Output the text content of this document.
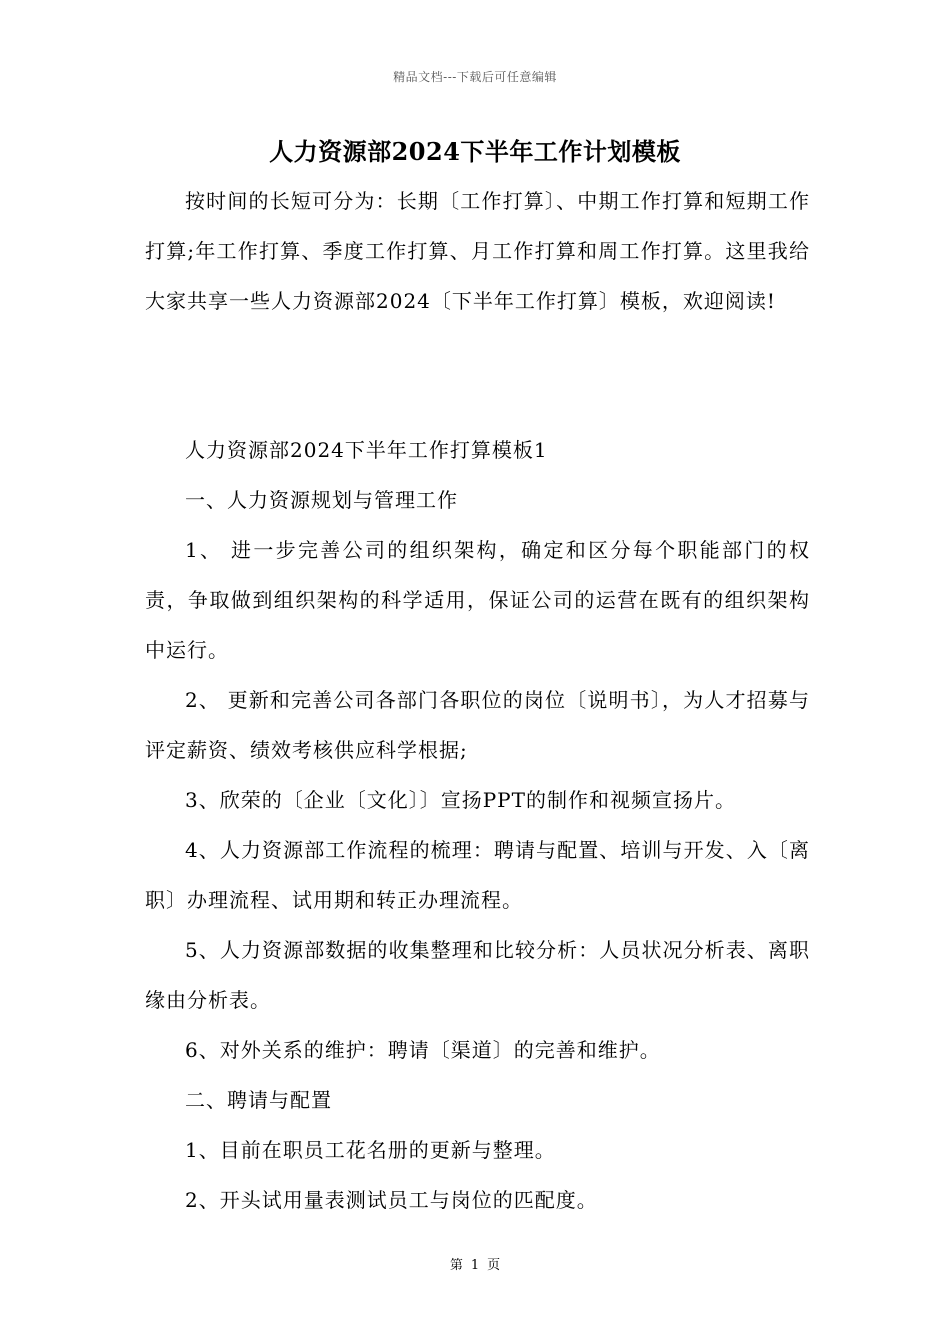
精品文档---下载后可任意编辑
人力资源部2024下半年工作计划模板

按时间的长短可分为：长期〔工作打算〕、中期工作打算和短期工作打算;年工作打算、季度工作打算、月工作打算和周工作打算。这里我给大家共享一些人力资源部2024〔下半年工作打算〕模板，欢迎阅读!

人力资源部2024下半年工作打算模板1

一、人力资源规划与管理工作

1、 进一步完善公司的组织架构，确定和区分每个职能部门的权责，争取做到组织架构的科学适用，保证公司的运营在既有的组织架构中运行。

2、 更新和完善公司各部门各职位的岗位〔说明书〕，为人才招募与评定薪资、绩效考核供应科学根据;

3、欣荣的〔企业〔文化〕〕宣扬PPT的制作和视频宣扬片。

4、人力资源部工作流程的梳理：聘请与配置、培训与开发、入〔离职〕办理流程、试用期和转正办理流程。

5、人力资源部数据的收集整理和比较分析：人员状况分析表、离职缘由分析表。

6、对外关系的维护：聘请〔渠道〕的完善和维护。

二、聘请与配置

1、目前在职员工花名册的更新与整理。

2、开头试用量表测试员工与岗位的匹配度。

第 1 页
